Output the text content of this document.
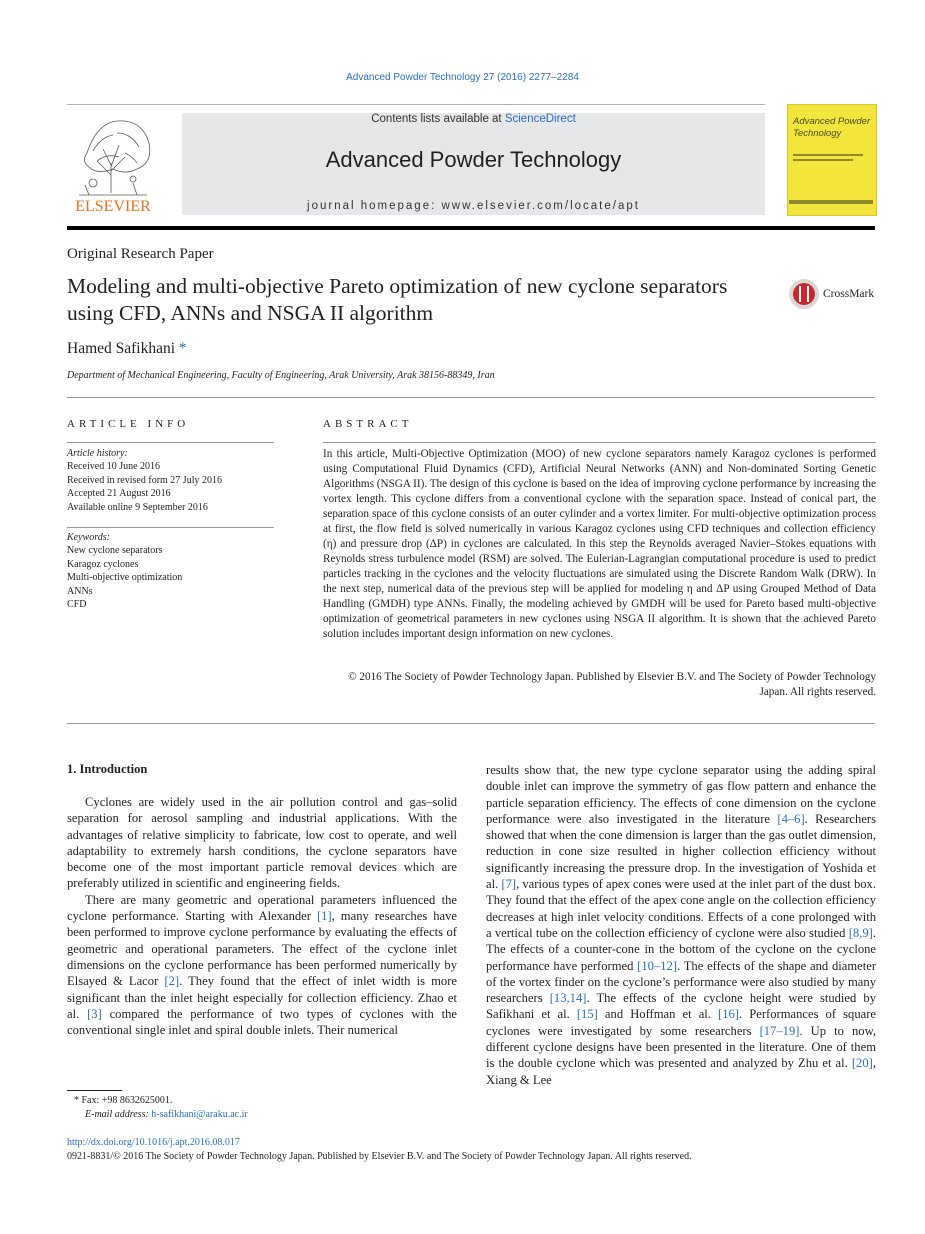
Advanced Powder Technology 27 (2016) 2277–2284
ELSEVIER
Contents lists available at ScienceDirect
Advanced Powder Technology
journal homepage: www.elsevier.com/locate/apt
Advanced Powder Technology
Original Research Paper
Modeling and multi-objective Pareto optimization of new cyclone separators using CFD, ANNs and NSGA II algorithm
CrossMark
Hamed Safikhani *
Department of Mechanical Engineering, Faculty of Engineering, Arak University, Arak 38156-88349, Iran
ARTICLE INFO
Article history:
Received 10 June 2016
Received in revised form 27 July 2016
Accepted 21 August 2016
Available online 9 September 2016
Keywords:
New cyclone separators
Karagoz cyclones
Multi-objective optimization
ANNs
CFD
ABSTRACT
In this article, Multi-Objective Optimization (MOO) of new cyclone separators namely Karagoz cyclones is performed using Computational Fluid Dynamics (CFD), Artificial Neural Networks (ANN) and Non-dominated Sorting Genetic Algorithms (NSGA II). The design of this cyclone is based on the idea of improving cyclone performance by increasing the vortex length. This cyclone differs from a conventional cyclone with the separation space. Instead of conical part, the separation space of this cyclone consists of an outer cylinder and a vortex limiter. For multi-objective optimization process at first, the flow field is solved numerically in various Karagoz cyclones using CFD techniques and collection efficiency (η) and pressure drop (ΔP) in cyclones are calculated. In this step the Reynolds averaged Navier–Stokes equations with Reynolds stress turbulence model (RSM) are solved. The Eulerian-Lagrangian computational procedure is used to predict particles tracking in the cyclones and the velocity fluctuations are simulated using the Discrete Random Walk (DRW). In the next step, numerical data of the previous step will be applied for modeling η and ΔP using Grouped Method of Data Handling (GMDH) type ANNs. Finally, the modeling achieved by GMDH will be used for Pareto based multi-objective optimization of geometrical parameters in new cyclones using NSGA II algorithm. It is shown that the achieved Pareto solution includes important design information on new cyclones.
© 2016 The Society of Powder Technology Japan. Published by Elsevier B.V. and The Society of Powder Technology Japan. All rights reserved.
1. Introduction

Cyclones are widely used in the air pollution control and gas–solid separation for aerosol sampling and industrial applications. With the advantages of relative simplicity to fabricate, low cost to operate, and well adaptability to extremely harsh conditions, the cyclone separators have become one of the most important particle removal devices which are preferably utilized in scientific and engineering fields.

There are many geometric and operational parameters influenced the cyclone performance. Starting with Alexander [1], many researches have been performed to improve cyclone performance by evaluating the effects of geometric and operational parameters. The effect of the cyclone inlet dimensions on the cyclone performance has been performed numerically by Elsayed & Lacor [2]. They found that the effect of inlet width is more significant than the inlet height especially for collection efficiency. Zhao et al. [3] compared the performance of two types of cyclones with the conventional single inlet and spiral double inlets. Their numerical

results show that, the new type cyclone separator using the adding spiral double inlet can improve the symmetry of gas flow pattern and enhance the particle separation efficiency. The effects of cone dimension on the cyclone performance were also investigated in the literature [4–6]. Researchers showed that when the cone dimension is larger than the gas outlet dimension, reduction in cone size resulted in higher collection efficiency without significantly increasing the pressure drop. In the investigation of Yoshida et al. [7], various types of apex cones were used at the inlet part of the dust box. They found that the effect of the apex cone angle on the collection efficiency decreases at high inlet velocity conditions. Effects of a cone prolonged with a vertical tube on the collection efficiency of cyclone were also studied [8,9]. The effects of a counter-cone in the bottom of the cyclone on the cyclone performance have performed [10–12]. The effects of the shape and diameter of the vortex finder on the cyclone’s performance were also studied by many researchers [13,14]. The effects of the cyclone height were studied by Safikhani et al. [15] and Hoffman et al. [16]. Performances of square cyclones were investigated by some researchers [17–19]. Up to now, different cyclone designs have been presented in the literature. One of them is the double cyclone which was presented and analyzed by Zhu et al. [20], Xiang & Lee

* Fax: +98 8632625001.
E-mail address: h-safikhani@araku.ac.ir
http://dx.doi.org/10.1016/j.apt.2016.08.017
0921-8831/© 2016 The Society of Powder Technology Japan. Published by Elsevier B.V. and The Society of Powder Technology Japan. All rights reserved.
